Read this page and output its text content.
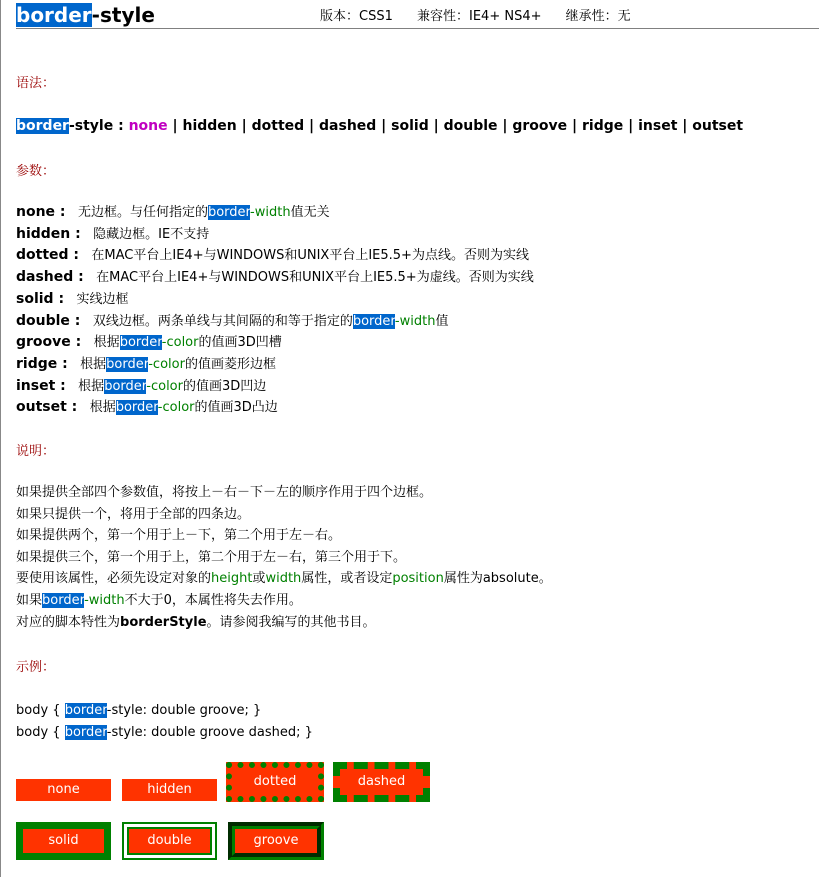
border-style	版本：CSS1 兼容性：IE4+ NS4+ 继承性：无
语法：
border-style : none | hidden | dotted | dashed | solid | double | groove | ridge | inset | outset
参数：
none : 无边框。与任何指定的border-width值无关
hidden : 隐藏边框。IE不支持
dotted : 在MAC平台上IE4+与WINDOWS和UNIX平台上IE5.5+为点线。否则为实线
dashed : 在MAC平台上IE4+与WINDOWS和UNIX平台上IE5.5+为虚线。否则为实线
solid : 实线边框
double : 双线边框。两条单线与其间隔的和等于指定的border-width值
groove : 根据border-color的值画3D凹槽
ridge : 根据border-color的值画菱形边框
inset : 根据border-color的值画3D凹边
outset : 根据border-color的值画3D凸边
说明：
如果提供全部四个参数值，将按上－右－下－左的顺序作用于四个边框。
如果只提供一个，将用于全部的四条边。
如果提供两个，第一个用于上－下，第二个用于左－右。
如果提供三个，第一个用于上，第二个用于左－右，第三个用于下。
要使用该属性，必须先设定对象的height或width属性，或者设定position属性为absolute。
如果border-width不大于0，本属性将失去作用。
对应的脚本特性为borderStyle。请参阅我编写的其他书目。
示例：
body { border-style: double groove; }
body { border-style: double groove dashed; }
none	hidden
dotted	dashed
solid	double	groove
